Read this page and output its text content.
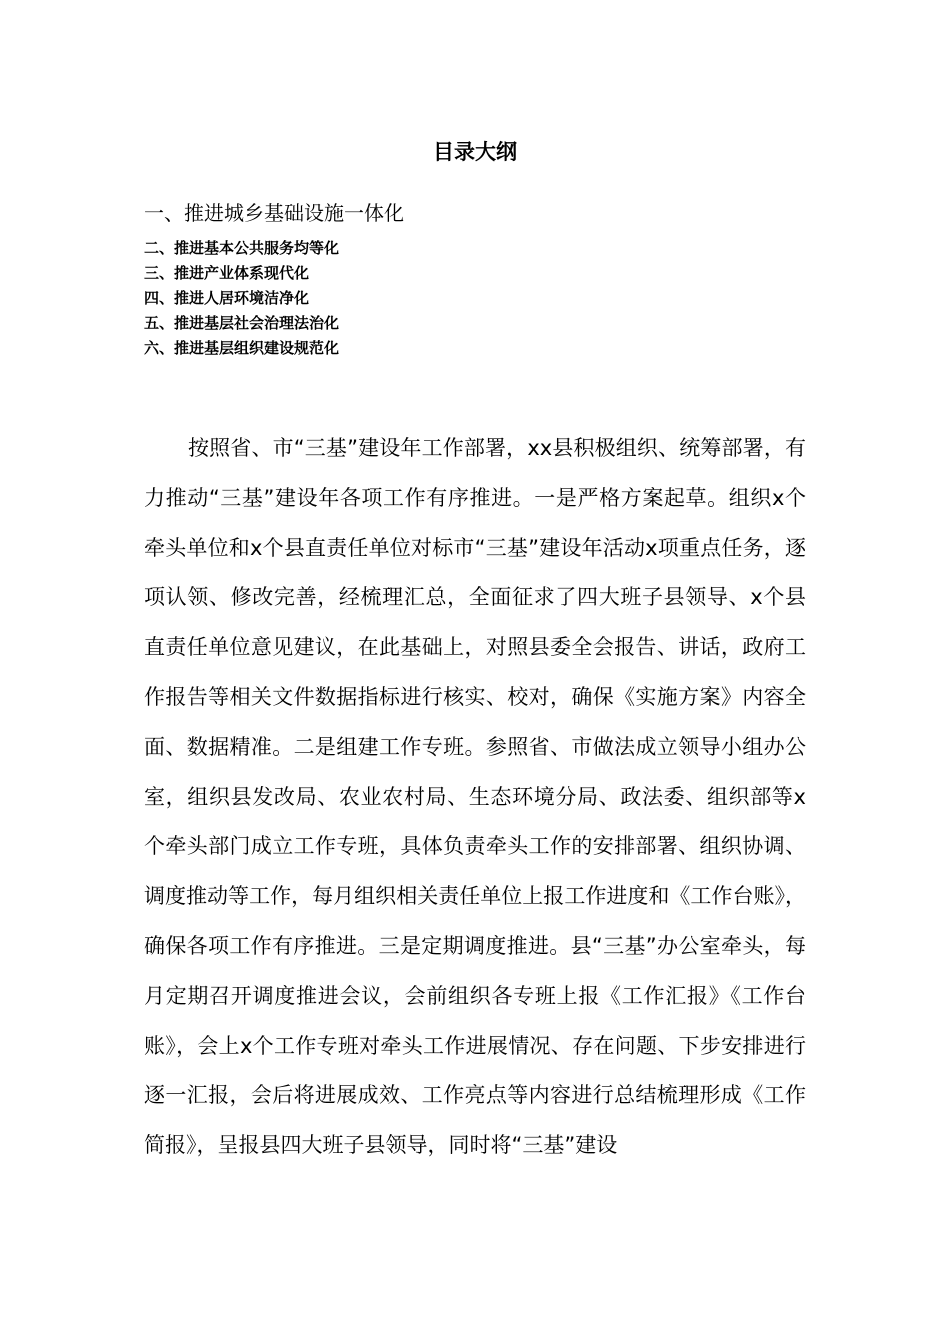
目录大纲
一、推进城乡基础设施一体化
二、推进基本公共服务均等化
三、推进产业体系现代化
四、推进人居环境洁净化
五、推进基层社会治理法治化
六、推进基层组织建设规范化

按照省、市“三基”建设年工作部署，xx县积极组织、统筹部署，有力推动“三基”建设年各项工作有序推进。一是严格方案起草。组织x个牵头单位和x个县直责任单位对标市“三基”建设年活动x项重点任务，逐项认领、修改完善，经梳理汇总，全面征求了四大班子县领导、x个县直责任单位意见建议，在此基础上，对照县委全会报告、讲话，政府工作报告等相关文件数据指标进行核实、校对，确保《实施方案》内容全面、数据精准。二是组建工作专班。参照省、市做法成立领导小组办公室，组织县发改局、农业农村局、生态环境分局、政法委、组织部等x个牵头部门成立工作专班，具体负责牵头工作的安排部署、组织协调、调度推动等工作，每月组织相关责任单位上报工作进度和《工作台账》，确保各项工作有序推进。三是定期调度推进。县“三基”办公室牵头，每月定期召开调度推进会议，会前组织各专班上报《工作汇报》《工作台账》，会上x个工作专班对牵头工作进展情况、存在问题、下步安排进行逐一汇报，会后将进展成效、工作亮点等内容进行总结梳理形成《工作简报》，呈报县四大班子县领导，同时将“三基”建设
